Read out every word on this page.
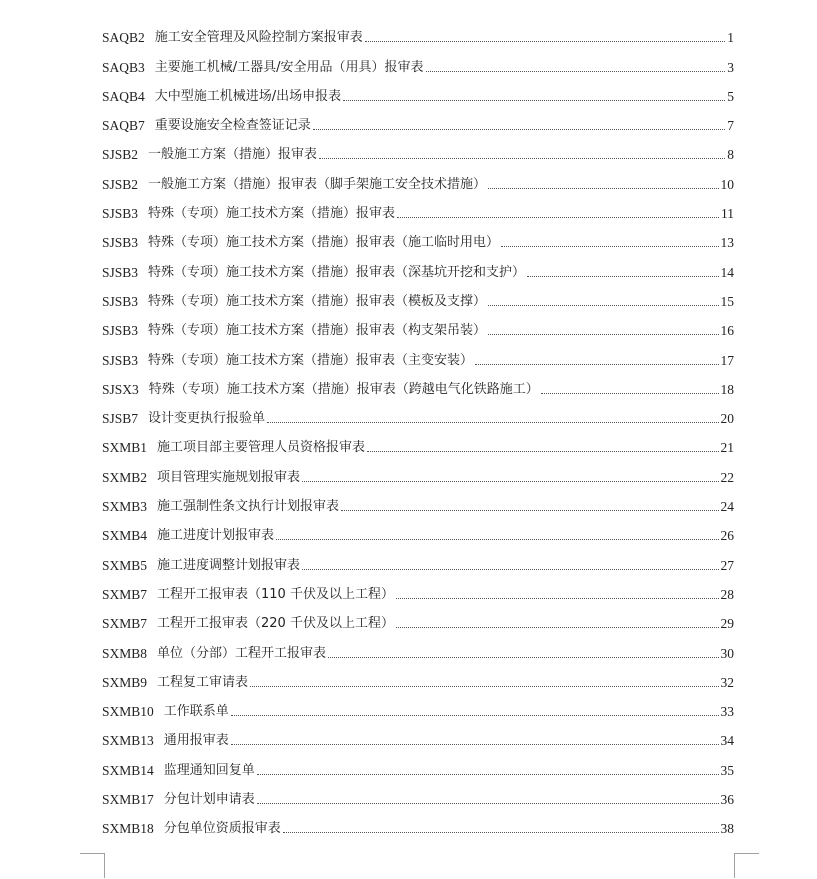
SAQB2 施工安全管理及风险控制方案报审表	1
SAQB3 主要施工机械/工器具/安全用品（用具）报审表	3
SAQB4 大中型施工机械进场/出场申报表	5
SAQB7 重要设施安全检查签证记录	7
SJSB2 一般施工方案（措施）报审表	8
SJSB2 一般施工方案（措施）报审表（脚手架施工安全技术措施）	10
SJSB3 特殊（专项）施工技术方案（措施）报审表	11
SJSB3 特殊（专项）施工技术方案（措施）报审表（施工临时用电）	13
SJSB3 特殊（专项）施工技术方案（措施）报审表（深基坑开挖和支护）	14
SJSB3 特殊（专项）施工技术方案（措施）报审表（模板及支撑）	15
SJSB3 特殊（专项）施工技术方案（措施）报审表（构支架吊装）	16
SJSB3 特殊（专项）施工技术方案（措施）报审表（主变安装）	17
SJSX3 特殊（专项）施工技术方案（措施）报审表（跨越电气化铁路施工）	18
SJSB7 设计变更执行报验单	20
SXMB1 施工项目部主要管理人员资格报审表	21
SXMB2 项目管理实施规划报审表	22
SXMB3 施工强制性条文执行计划报审表	24
SXMB4 施工进度计划报审表	26
SXMB5 施工进度调整计划报审表	27
SXMB7 工程开工报审表（110 千伏及以上工程）	28
SXMB7 工程开工报审表（220 千伏及以上工程）	29
SXMB8 单位（分部）工程开工报审表	30
SXMB9 工程复工审请表	32
SXMB10 工作联系单	33
SXMB13 通用报审表	34
SXMB14 监理通知回复单	35
SXMB17 分包计划申请表	36
SXMB18 分包单位资质报审表	38
